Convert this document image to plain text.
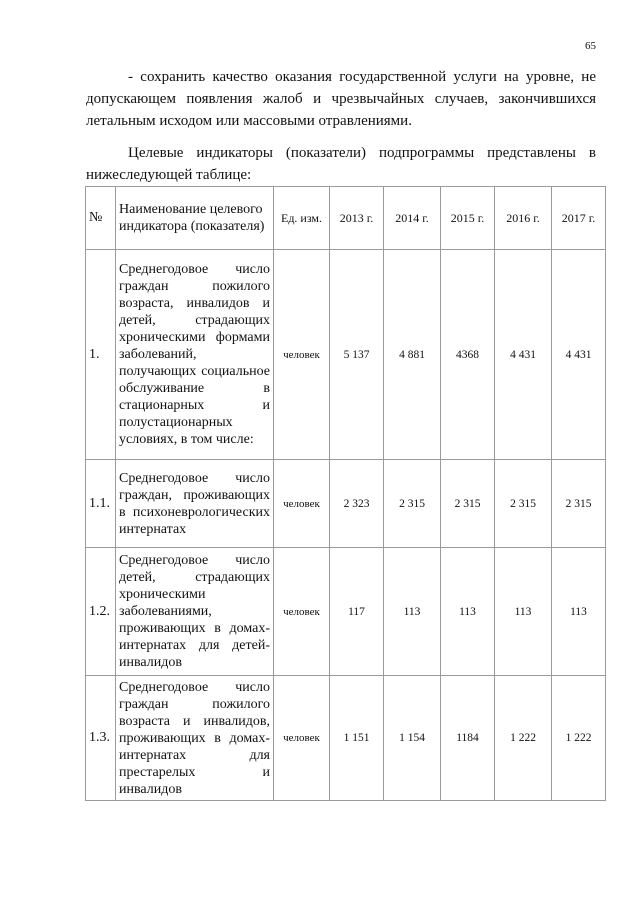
65
- сохранить качество оказания государственной услуги на уровне, не допускающем появления жалоб и чрезвычайных случаев, закончившихся летальным исходом или массовыми отравлениями.
Целевые индикаторы (показатели) подпрограммы представлены в нижеследующей таблице:
№	Наименование целевого индикатора (показателя)	Ед. изм.	2013 г.	2014 г.	2015 г.	2016 г.	2017 г.
1.	Среднегодовое число граждан пожилого возраста, инвалидов и детей, страдающих хроническими формами заболеваний, получающих социальное обслуживание в стационарных и полустационарных условиях, в том числе:	человек	5 137	4 881	4368	4 431	4 431
1.1.	Среднегодовое число граждан, проживающих в психоневрологических интернатах	человек	2 323	2 315	2 315	2 315	2 315
1.2.	Среднегодовое число детей, страдающих хроническими заболеваниями, проживающих в домах-интернатах для детей-инвалидов	человек	117	113	113	113	113
1.3.	Среднегодовое число граждан пожилого возраста и инвалидов, проживающих в домах-интернатах для престарелых и инвалидов	человек	1 151	1 154	1184	1 222	1 222
